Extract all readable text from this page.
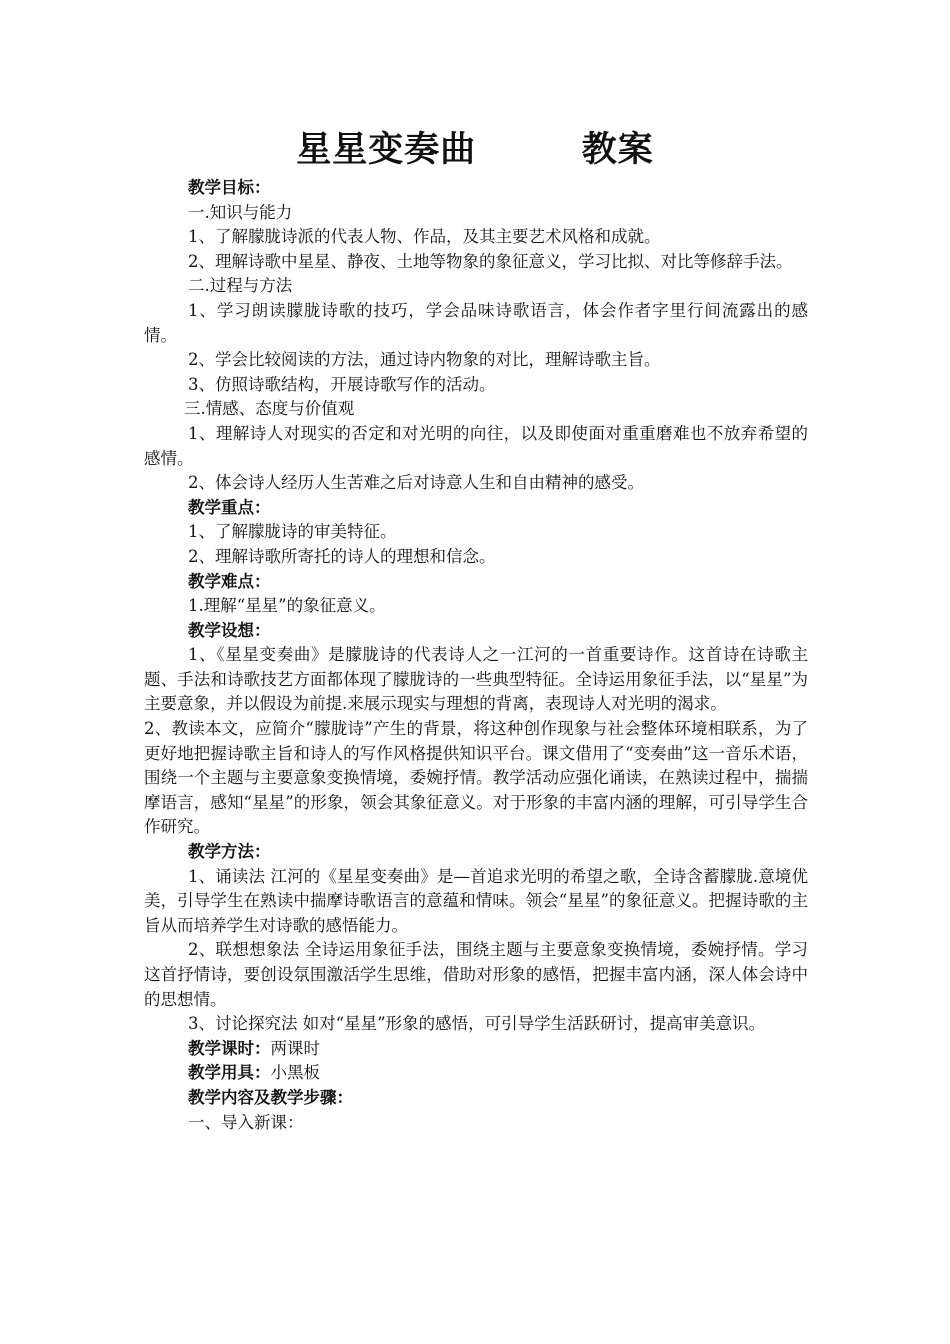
星星变奏曲        教案

教学目标：

一.知识与能力

1、了解朦胧诗派的代表人物、作品，及其主要艺术风格和成就。

2、理解诗歌中星星、静夜、土地等物象的象征意义，学习比拟、对比等修辞手法。

二.过程与方法

1、学习朗读朦胧诗歌的技巧，学会品味诗歌语言，体会作者字里行间流露出的感情。

2、学会比较阅读的方法，通过诗内物象的对比，理解诗歌主旨。

3、仿照诗歌结构，开展诗歌写作的活动。

三.情感、态度与价值观

1、理解诗人对现实的否定和对光明的向往，以及即使面对重重磨难也不放弃希望的感情。

2、体会诗人经历人生苦难之后对诗意人生和自由精神的感受。

教学重点：

1、了解朦胧诗的审美特征。

2、理解诗歌所寄托的诗人的理想和信念。

教学难点：

1.理解“星星”的象征意义。

教学设想：

1、《星星变奏曲》是朦胧诗的代表诗人之一江河的一首重要诗作。这首诗在诗歌主题、手法和诗歌技艺方面都体现了朦胧诗的一些典型特征。全诗运用象征手法，以“星星”为主要意象，并以假设为前提.来展示现实与理想的背离，表现诗人对光明的渴求。

2、教读本文，应简介“朦胧诗”产生的背景，将这种创作现象与社会整体环境相联系，为了更好地把握诗歌主旨和诗人的写作风格提供知识平台。课文借用了“变奏曲”这一音乐术语，围绕一个主题与主要意象变换情境，委婉抒情。教学活动应强化诵读，在熟读过程中，揣揣摩语言，感知“星星”的形象，领会其象征意义。对于形象的丰富内涵的理解，可引导学生合作研究。

教学方法：

1、诵读法 江河的《星星变奏曲》是—首追求光明的希望之歌，全诗含蓄朦胧.意境优美，引导学生在熟读中揣摩诗歌语言的意蕴和情味。领会“星星”的象征意义。把握诗歌的主旨从而培养学生对诗歌的感悟能力。

2、联想想象法 全诗运用象征手法，围绕主题与主要意象变换情境，委婉抒情。学习这首抒情诗，要创设氛围激活学生思维，借助对形象的感悟，把握丰富内涵，深人体会诗中的思想情。

3、讨论探究法 如对“星星”形象的感悟，可引导学生活跃研讨，提高审美意识。

教学课时：两课时

教学用具：小黑板

教学内容及教学步骤：

一、导入新课：
